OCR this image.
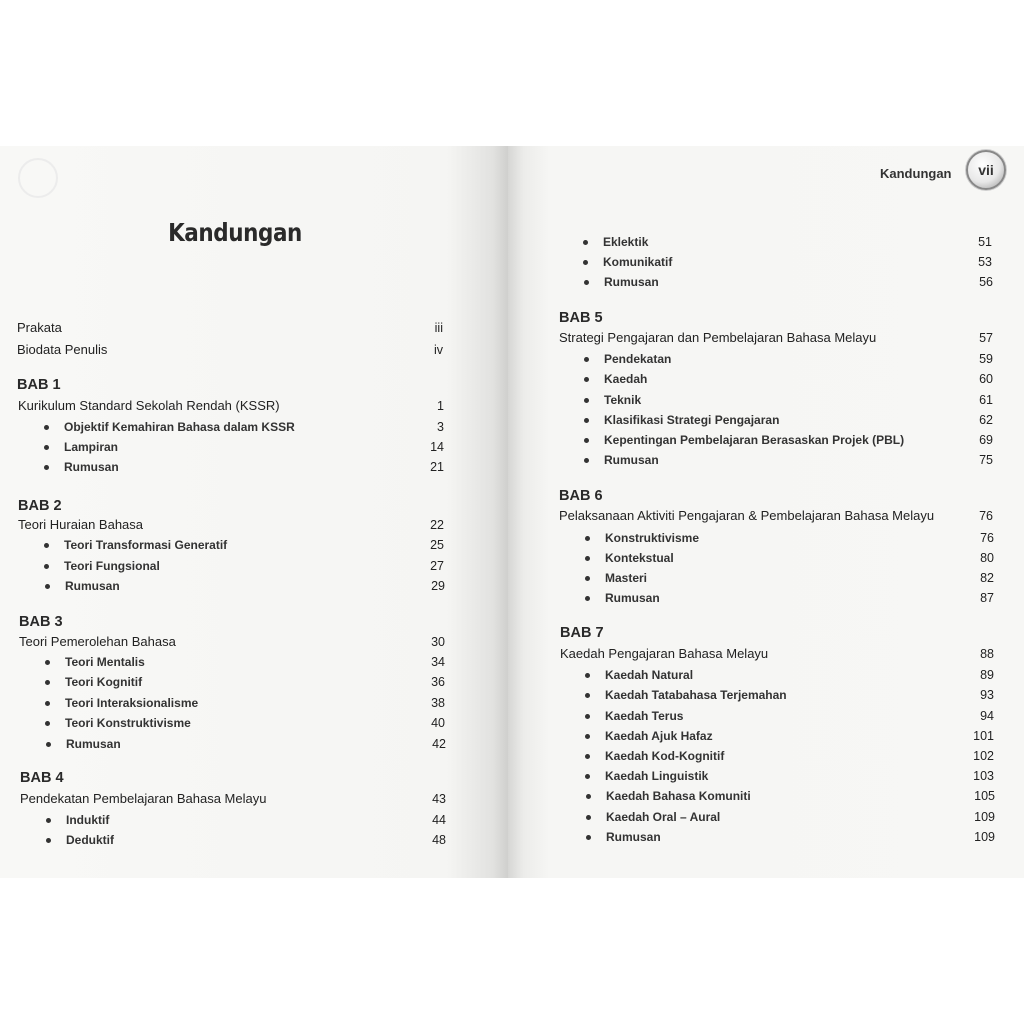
Kandungan
Prakata	iii
Biodata Penulis	iv
BAB 1
Kurikulum Standard Sekolah Rendah (KSSR)	1
Objektif Kemahiran Bahasa dalam KSSR	3
Lampiran	14
Rumusan	21
BAB 2
Teori Huraian Bahasa	22
Teori Transformasi Generatif	25
Teori Fungsional	27
Rumusan	29
BAB 3
Teori Pemerolehan Bahasa	30
Teori Mentalis	34
Teori Kognitif	36
Teori Interaksionalisme	38
Teori Konstruktivisme	40
Rumusan	42
BAB 4
Pendekatan Pembelajaran Bahasa Melayu	43
Induktif	44
Deduktif	48
Kandungan	vii
Eklektik	51
Komunikatif	53
Rumusan	56
BAB 5
Strategi Pengajaran dan Pembelajaran Bahasa Melayu	57
Pendekatan	59
Kaedah	60
Teknik	61
Klasifikasi Strategi Pengajaran	62
Kepentingan Pembelajaran Berasaskan Projek (PBL)	69
Rumusan	75
BAB 6
Pelaksanaan Aktiviti Pengajaran & Pembelajaran Bahasa Melayu	76
Konstruktivisme	76
Kontekstual	80
Masteri	82
Rumusan	87
BAB 7
Kaedah Pengajaran Bahasa Melayu	88
Kaedah Natural	89
Kaedah Tatabahasa Terjemahan	93
Kaedah Terus	94
Kaedah Ajuk Hafaz	101
Kaedah Kod-Kognitif	102
Kaedah Linguistik	103
Kaedah Bahasa Komuniti	105
Kaedah Oral – Aural	109
Rumusan	109
